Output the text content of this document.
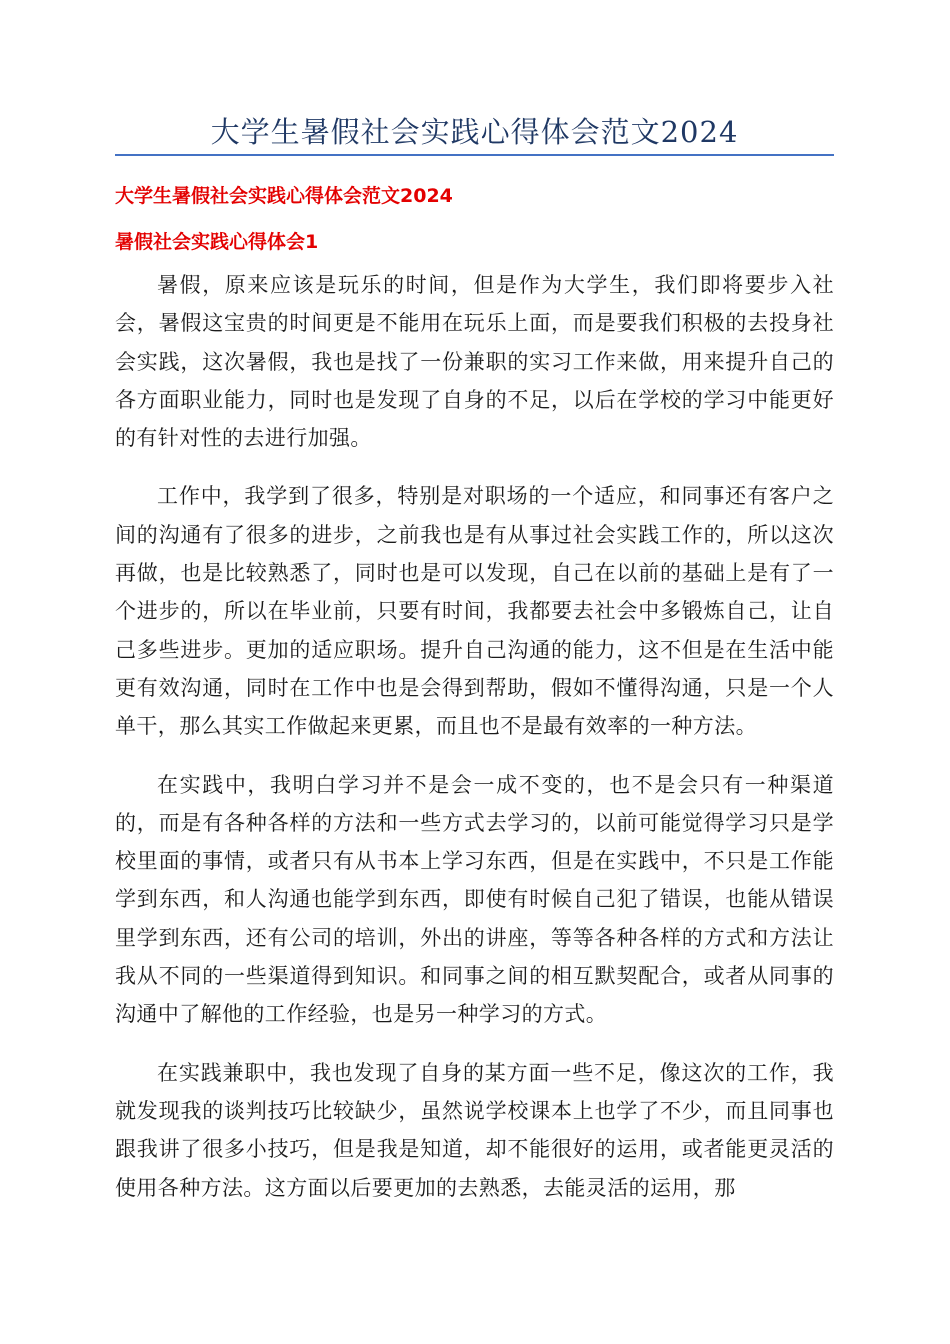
大学生暑假社会实践心得体会范文2024
大学生暑假社会实践心得体会范文2024
暑假社会实践心得体会1

暑假，原来应该是玩乐的时间，但是作为大学生，我们即将要步入社会，暑假这宝贵的时间更是不能用在玩乐上面，而是要我们积极的去投身社会实践，这次暑假，我也是找了一份兼职的实习工作来做，用来提升自己的各方面职业能力，同时也是发现了自身的不足，以后在学校的学习中能更好的有针对性的去进行加强。

工作中，我学到了很多，特别是对职场的一个适应，和同事还有客户之间的沟通有了很多的进步，之前我也是有从事过社会实践工作的，所以这次再做，也是比较熟悉了，同时也是可以发现，自己在以前的基础上是有了一个进步的，所以在毕业前，只要有时间，我都要去社会中多锻炼自己，让自己多些进步。更加的适应职场。提升自己沟通的能力，这不但是在生活中能更有效沟通，同时在工作中也是会得到帮助，假如不懂得沟通，只是一个人单干，那么其实工作做起来更累，而且也不是最有效率的一种方法。

在实践中，我明白学习并不是会一成不变的，也不是会只有一种渠道的，而是有各种各样的方法和一些方式去学习的，以前可能觉得学习只是学校里面的事情，或者只有从书本上学习东西，但是在实践中，不只是工作能学到东西，和人沟通也能学到东西，即使有时候自己犯了错误，也能从错误里学到东西，还有公司的培训，外出的讲座，等等各种各样的方式和方法让我从不同的一些渠道得到知识。和同事之间的相互默契配合，或者从同事的沟通中了解他的工作经验，也是另一种学习的方式。

在实践兼职中，我也发现了自身的某方面一些不足，像这次的工作，我就发现我的谈判技巧比较缺少，虽然说学校课本上也学了不少，而且同事也跟我讲了很多小技巧，但是我是知道，却不能很好的运用，或者能更灵活的使用各种方法。这方面以后要更加的去熟悉，去能灵活的运用，那
